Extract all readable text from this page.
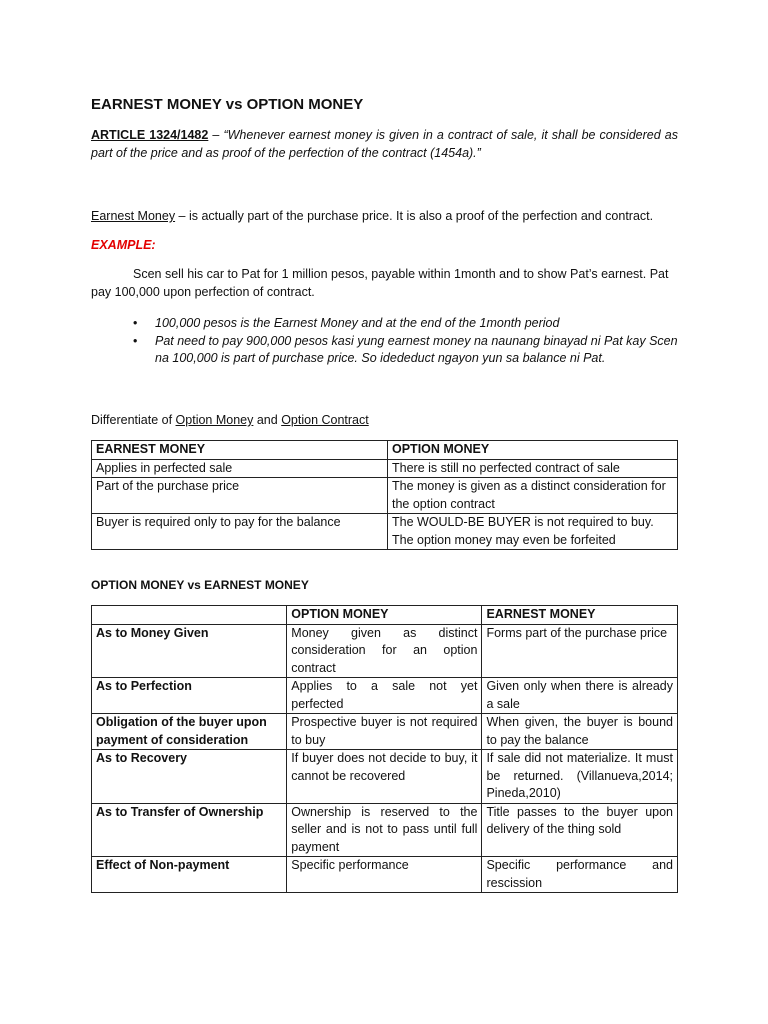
EARNEST MONEY vs OPTION MONEY

ARTICLE 1324/1482 – “Whenever earnest money is given in a contract of sale, it shall be considered as part of the price and as proof of the perfection of the contract (1454a).”

Earnest Money – is actually part of the purchase price. It is also a proof of the perfection and contract.

EXAMPLE:

Scen sell his car to Pat for 1 million pesos, payable within 1month and to show Pat’s earnest. Pat pay 100,000 upon perfection of contract.

• 100,000 pesos is the Earnest Money and at the end of the 1month period
• Pat need to pay 900,000 pesos kasi yung earnest money na naunang binayad ni Pat kay Scen na 100,000 is part of purchase price. So idededuct ngayon yun sa balance ni Pat.
Differentiate of Option Money and Option Contract
EARNEST MONEY	OPTION MONEY
Applies in perfected sale	There is still no perfected contract of sale
Part of the purchase price	The money is given as a distinct consideration for the option contract
Buyer is required only to pay for the balance	The WOULD-BE BUYER is not required to buy. The option money may even be forfeited
OPTION MONEY vs EARNEST MONEY
	OPTION MONEY	EARNEST MONEY
As to Money Given	Money given as distinct consideration for an option contract	Forms part of the purchase price
As to Perfection	Applies to a sale not yet perfected	Given only when there is already a sale
Obligation of the buyer upon payment of consideration	Prospective buyer is not required to buy	When given, the buyer is bound to pay the balance
As to Recovery	If buyer does not decide to buy, it cannot be recovered	If sale did not materialize. It must be returned. (Villanueva,2014; Pineda,2010)
As to Transfer of Ownership	Ownership is reserved to the seller and is not to pass until full payment	Title passes to the buyer upon delivery of the thing sold
Effect of Non-payment	Specific performance	Specific performance and rescission
